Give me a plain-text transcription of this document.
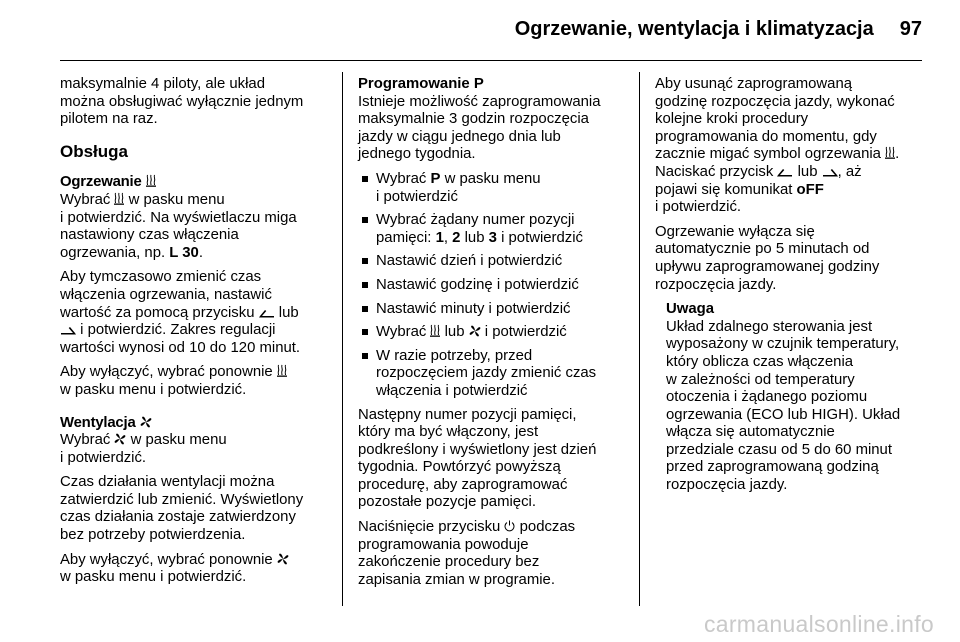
Ogrzewanie, wentylacja i klimatyzacja 97

maksymalnie 4 piloty, ale układ
można obsługiwać wyłącznie jednym
pilotem na raz.

Obsługa
Ogrzewanie

Wybrać w pasku menu
i potwierdzić. Na wyświetlaczu miga
nastawiony czas włączenia
ogrzewania, np. L 30.

Aby tymczasowo zmienić czas
włączenia ogrzewania, nastawić
wartość za pomocą przycisku lub

i potwierdzić. Zakres regulacji
wartości wynosi od 10 do 120 minut.

Aby wyłączyć, wybrać ponownie

w pasku menu i potwierdzić.

Wentylacja

Wybrać w pasku menu
i potwierdzić.

Czas działania wentylacji można
zatwierdzić lub zmienić. Wyświetlony
czas działania zostaje zatwierdzony
bez potrzeby potwierdzenia.

Aby wyłączyć, wybrać ponownie

w pasku menu i potwierdzić.

Programowanie P
Istnieje możliwość zaprogramowania
maksymalnie 3 godzin rozpoczęcia
jazdy w ciągu jednego dnia lub
jednego tygodnia.

Wybrać P w pasku menu
i potwierdzić
Wybrać żądany numer pozycji
pamięci: 1, 2 lub 3 i potwierdzić
Nastawić dzień i potwierdzić
Nastawić godzinę i potwierdzić
Nastawić minuty i potwierdzić
Wybrać lub i potwierdzić
W razie potrzeby, przed
rozpoczęciem jazdy zmienić czas
włączenia i potwierdzić

Następny numer pozycji pamięci,
który ma być włączony, jest
podkreślony i wyświetlony jest dzień
tygodnia. Powtórzyć powyższą
procedurę, aby zaprogramować
pozostałe pozycje pamięci.

Naciśnięcie przycisku podczas
programowania powoduje
zakończenie procedury bez
zapisania zmian w programie.

Aby usunąć zaprogramowaną
godzinę rozpoczęcia jazdy, wykonać
kolejne kroki procedury
programowania do momentu, gdy
zacznie migać symbol ogrzewania .
Naciskać przycisk lub , aż
pojawi się komunikat oFF
i potwierdzić.

Ogrzewanie wyłącza się
automatycznie po 5 minutach od
upływu zaprogramowanej godziny
rozpoczęcia jazdy.

Uwaga
Układ zdalnego sterowania jest
wyposażony w czujnik temperatury,
który oblicza czas włączenia
w zależności od temperatury
otoczenia i żądanego poziomu
ogrzewania (ECO lub HIGH). Układ
włącza się automatycznie
przedziale czasu od 5 do 60 minut
przed zaprogramowaną godziną
rozpoczęcia jazdy.
carmanualsonline.info
